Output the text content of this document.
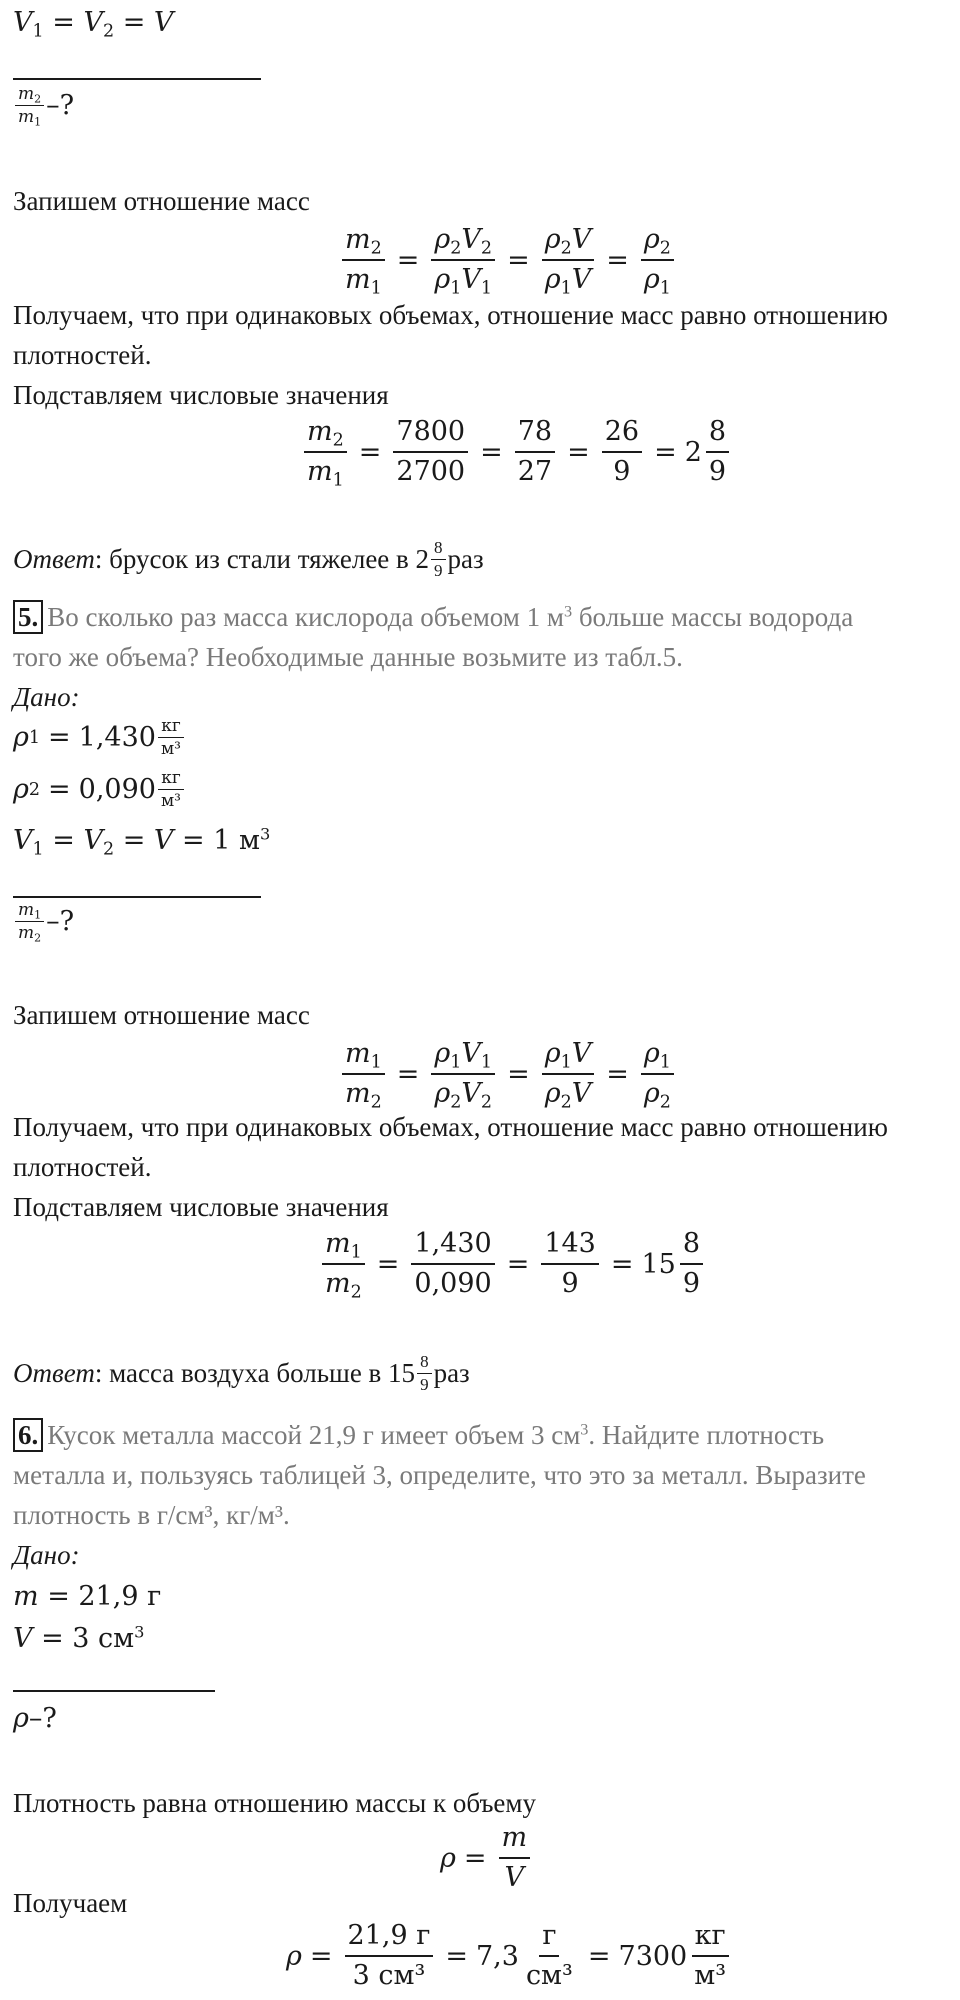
$V_1 = V_2 = V$
$\frac{m_2}{m_1}$ –?
Запишем отношение масс
$\frac{m_2}{m_1} = \frac{\rho_2V_2}{\rho_1V_1} = \frac{\rho_2V}{\rho_1V} = \frac{\rho_2}{\rho_1}$
Получаем, что при одинаковых объемах, отношение масс равно отношению
плотностей.
Подставляем числовые значения
$\frac{m_2}{m_1} = \frac{7800}{2700} = \frac{78}{27} = \frac{26}{9} = 2 \frac{8}{9}$
Ответ : брусок из стали тяжелее в $2 \frac{8}{9}$ раз
5. Во сколько раз масса кислорода объемом 1 $м^3$ больше массы водорода
того же объема? Необходимые данные возьмите из табл.5.
Дано:
ρ $1 = 1,430 \frac{кг}{\text{м³}}$
ρ $2 = 0,090 \frac{кг}{\text{м³}}$
$V_1 = V_2 = V = 1$ $м^3$
$\frac{m_1}{m_2}$ –?
Запишем отношение масс
$\frac{m_1}{m_2} = \frac{\rho_1V_1}{\rho_2V_2} = \frac{\rho_1V}{\rho_2V} = \frac{\rho_1}{\rho_2}$
Получаем, что при одинаковых объемах, отношение масс равно отношению
плотностей.
Подставляем числовые значения
$\frac{m_1}{m_2} = \frac{1,430}{0,090} = \frac{143}{9} = 15 \frac{8}{9}$
Ответ : масса воздуха больше в $15 \frac{8}{9}$ раз
6. Кусок металла массой 21,9 г имеет объем 3 $см^3$. Найдите плотность
металла и, пользуясь таблицей 3, определите, что это за металл. Выразите
плотность в г/см³, кг/м³.
Дано:
m = 21,9 г
V = 3 $см^3$
ρ–?
Плотность равна отношению массы к объему
$\rho = \frac{m}{V}$
Получаем
$\rho = \frac{21,9 г}{\text{3 см³}} = 7,3 \frac{г}{\text{см³}} = 7300 \frac{кг}{\text{м³}}$
